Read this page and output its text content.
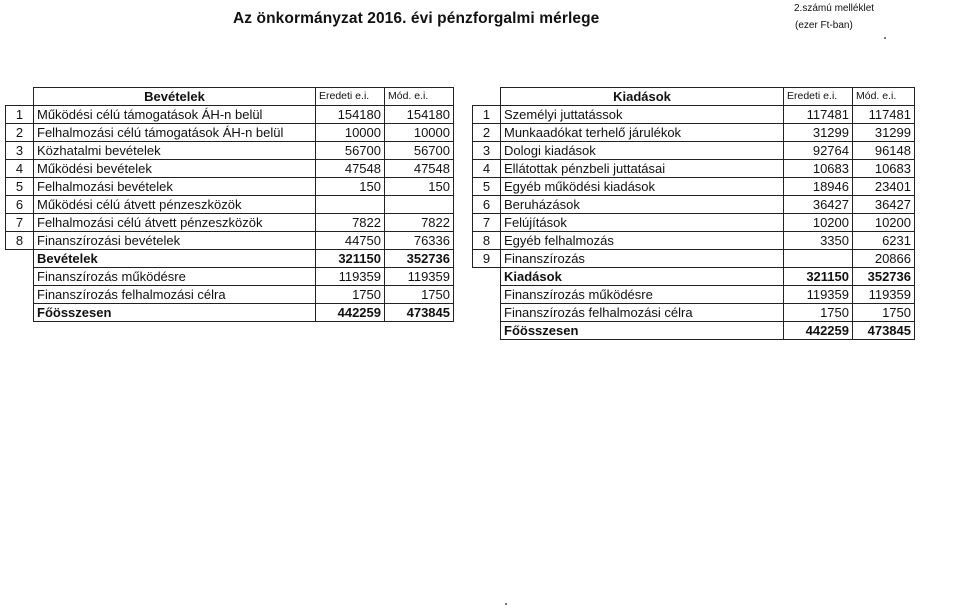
Az önkormányzat 2016. évi pénzforgalmi mérlege
2.számú melléklet
(ezer Ft-ban)
	Bevételek	Eredeti e.i.	Mód. e.i.
1	Működési célú támogatások ÁH-n belül	154180	154180
2	Felhalmozási célú támogatások ÁH-n belül	10000	10000
3	Közhatalmi bevételek	56700	56700
4	Működési bevételek	47548	47548
5	Felhalmozási bevételek	150	150
6	Működési célú átvett pénzeszközök		
7	Felhalmozási célú átvett pénzeszközök	7822	7822
8	Finanszírozási bevételek	44750	76336
	Bevételek	321150	352736
	Finanszírozás működésre	119359	119359
	Finanszírozás felhalmozási célra	1750	1750
	Főösszesen	442259	473845
	Kiadások	Eredeti e.i.	Mód. e.i.
1	Személyi juttatássok	117481	117481
2	Munkaadókat terhelő járulékok	31299	31299
3	Dologi kiadások	92764	96148
4	Ellátottak pénzbeli juttatásai	10683	10683
5	Egyéb működési kiadások	18946	23401
6	Beruházások	36427	36427
7	Felújítások	10200	10200
8	Egyéb felhalmozás	3350	6231
9	Finanszírozás		20866
	Kiadások	321150	352736
	Finanszírozás működésre	119359	119359
	Finanszírozás felhalmozási célra	1750	1750
	Főösszesen	442259	473845
